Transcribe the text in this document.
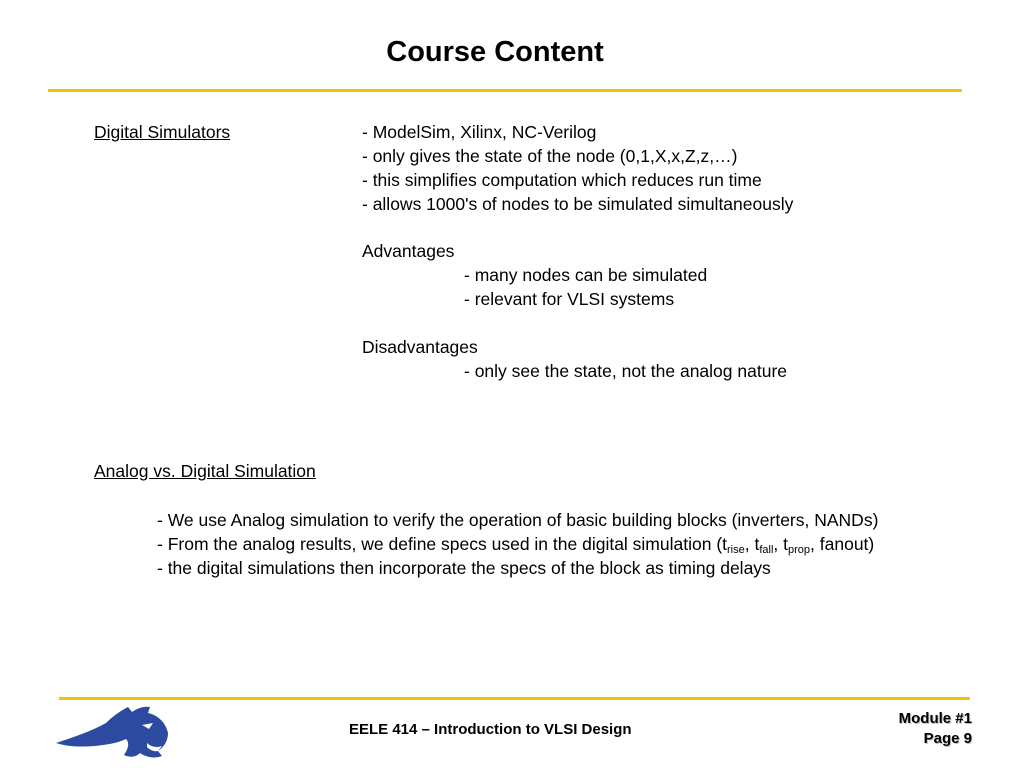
Course Content
Digital Simulators	- ModelSim, Xilinx, NC-Verilog
- only gives the state of the node (0,1,X,x,Z,z,…)
- this simplifies computation which reduces run time
- allows 1000's of nodes to be simulated simultaneously
Advantages
- many nodes can be simulated
- relevant for VLSI systems
Disadvantages
- only see the state, not the analog nature
Analog vs. Digital Simulation
- We use Analog simulation to verify the operation of basic building blocks (inverters, NANDs)
- From the analog results, we define specs used in the digital simulation ($t_{rise}$, $t_{fall}$, $t_{prop}$, fanout)
- the digital simulations then incorporate the specs of the block as timing delays
EELE 414 – Introduction to VLSI Design
Module #1
Page 9
